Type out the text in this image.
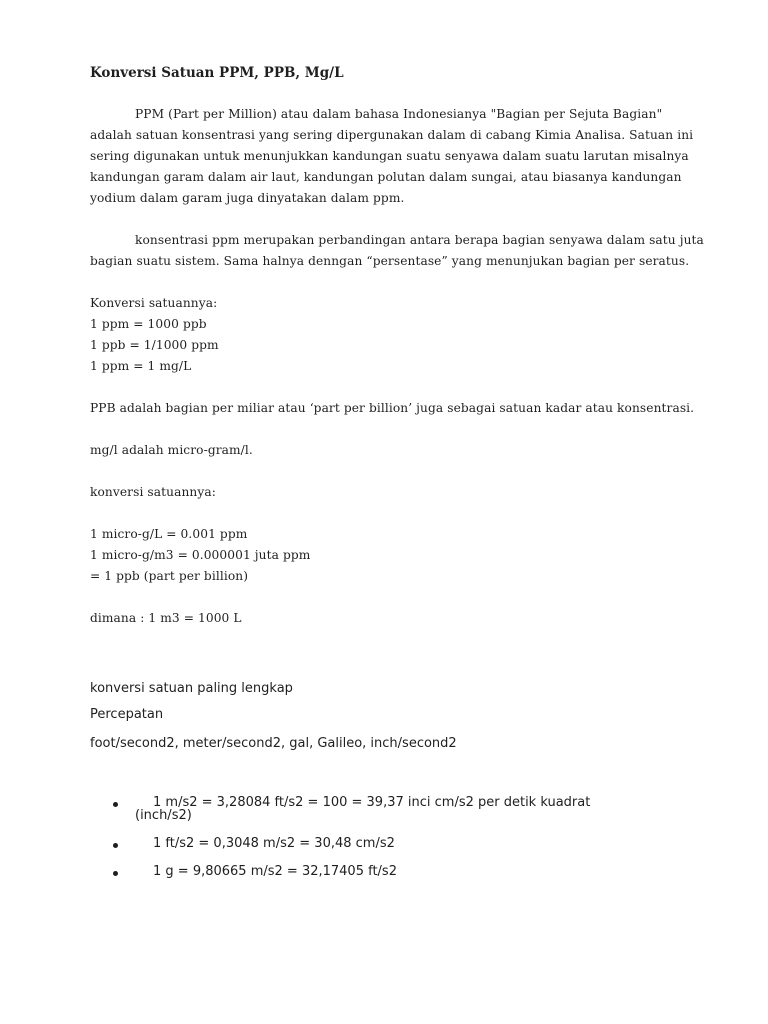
Konversi Satuan PPM, PPB, Mg/L
PPM (Part per Million) atau dalam bahasa Indonesianya "Bagian per Sejuta Bagian"
adalah satuan konsentrasi yang sering dipergunakan dalam di cabang Kimia Analisa. Satuan ini
sering digunakan untuk menunjukkan kandungan suatu senyawa dalam suatu larutan misalnya
kandungan garam dalam air laut, kandungan polutan dalam sungai, atau biasanya kandungan
yodium dalam garam juga dinyatakan dalam ppm.
konsentrasi ppm merupakan perbandingan antara berapa bagian senyawa dalam satu juta
bagian suatu sistem. Sama halnya denngan “persentase” yang menunjukan bagian per seratus.
Konversi satuannya:
1 ppm = 1000 ppb
1 ppb = 1/1000 ppm
1 ppm = 1 mg/L
PPB adalah bagian per miliar atau ‘part per billion’ juga sebagai satuan kadar atau konsentrasi.
mg/l adalah micro-gram/l.
konversi satuannya:
1 micro-g/L = 0.001 ppm
1 micro-g/m3 = 0.000001 juta ppm
= 1 ppb (part per billion)
dimana : 1 m3 = 1000 L
konversi satuan paling lengkap
Percepatan
foot/second2, meter/second2, gal, Galileo, inch/second2
1 m/s2 = 3,28084 ft/s2 = 100 = 39,37 inci cm/s2 per detik kuadrat
(inch/s2)
1 ft/s2 = 0,3048 m/s2 = 30,48 cm/s2
1 g = 9,80665 m/s2 = 32,17405 ft/s2
